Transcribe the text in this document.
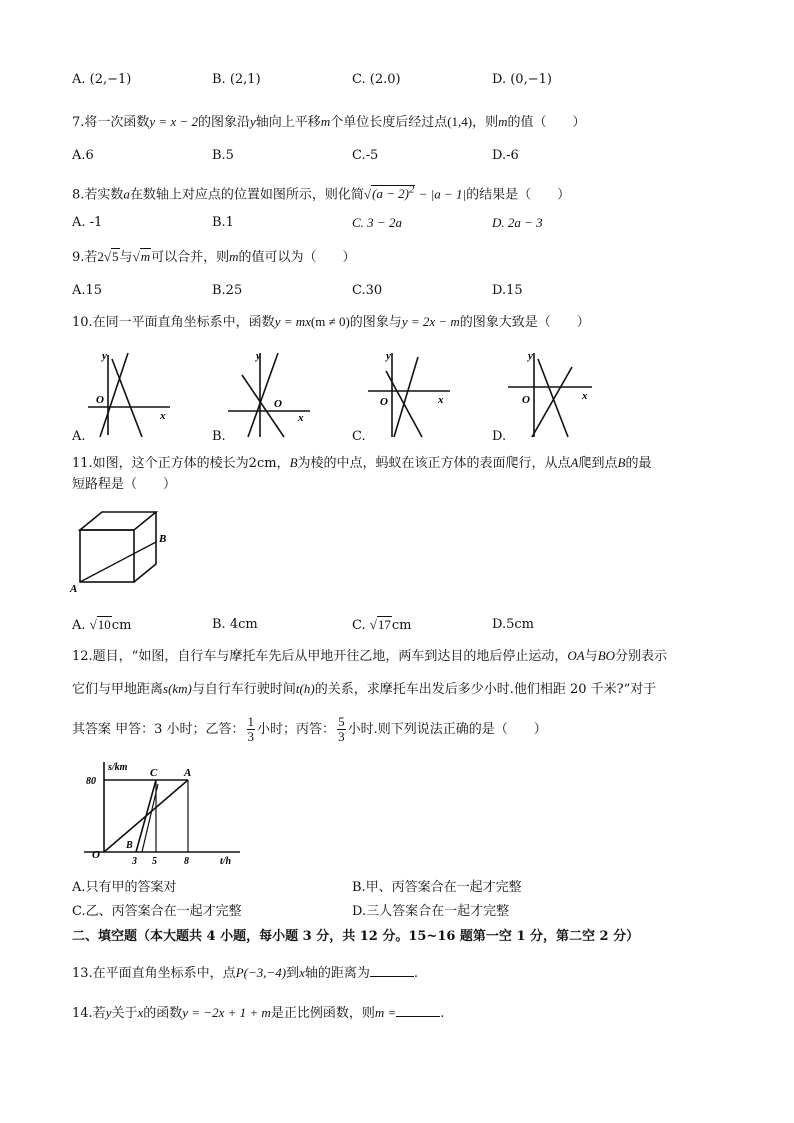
A. (2,−1)	B. (2,1)	C. (2.0)	D. (0,−1)
7.将一次函数y = x − 2的图象沿y轴向上平移m个单位长度后经过点(1,4)，则m的值（　　）
A.6	B.5	C.-5	D.-6
8.若实数a在数轴上对应点的位置如图所示，则化简$√(a - 2)^2 - |a - 1|$的结果是（　　）
A. -1	B.1	C. 3 − 2a	D. 2a − 3
9.若2√5与√m可以合并，则m的值可以为（　　）
A.15	B.25	C.30	D.15
10.在同一平面直角坐标系中，函数y = mx(m ≠ 0)的图象与y = 2x − m的图象大致是（　　）
y
x
O
A.
y
x
O
B.
y
x
O
C.
y
x
O
D.
11.如图，这个正方体的棱长为2cm，B为棱的中点，蚂蚁在该正方体的表面爬行，从点A爬到点B的最
短路程是（　　）
A
B
A. √10cm	B. 4cm	C. √17cm	D.5cm
12.题目，“如图，自行车与摩托车先后从甲地开往乙地，两车到达目的地后停止运动，OA与BO分别表示
它们与甲地距离s(km)与自行车行驶时间t(h)的关系，求摩托车出发后多少小时.他们相距 20 千米?”对于
其答案 甲答：3 小时；乙答： $\frac{1}{3}$ 小时；丙答： $\frac{5}{3}$ 小时.则下列说法正确的是（　　）
s/km
t/h
80
C A
O
B
3 5	8
A.只有甲的答案对	B.甲、丙答案合在一起才完整
C.乙、丙答案合在一起才完整	D.三人答案合在一起才完整
二、填空题（本大题共 4 小题，每小题 3 分，共 12 分。15~16 题第一空 1 分，第二空 2 分）
13.在平面直角坐标系中，点P(−3,−4)到x轴的距离为	.
14.若y关于x的函数y = −2x + 1 + m是正比例函数，则m =	.
